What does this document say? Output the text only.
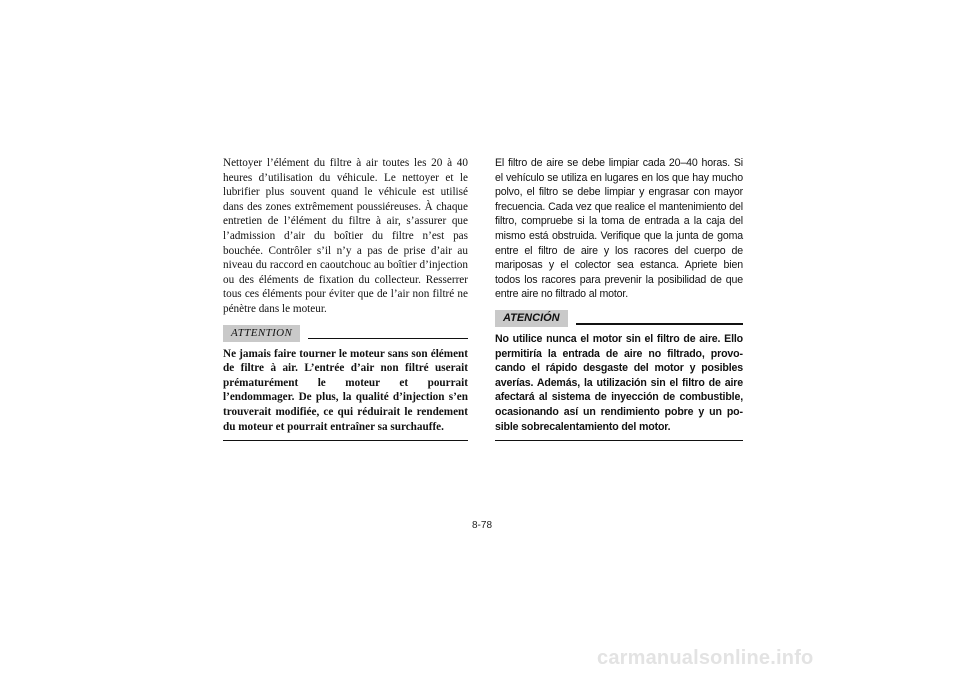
Nettoyer l’élément du filtre à air toutes les 20 à 40 heures d’utilisation du véhicule. Le nettoyer et le lubrifier plus souvent quand le véhicule est utilisé dans des zones extrêmement poussiéreuses. À chaque entretien de l’élément du filtre à air, s’assurer que l’admission d’air du boîtier du filtre n’est pas bouchée. Contrôler s’il n’y a pas de prise d’air au niveau du raccord en caoutchouc au boîtier d’injection ou des éléments de fixation du collecteur. Resserrer tous ces éléments pour éviter que de l’air non filtré ne pénètre dans le moteur.

ATTENTION

Ne jamais faire tourner le moteur sans son élément de filtre à air. L’entrée d’air non filtré userait prématurément le moteur et pourrait l’endommager. De plus, la qualité d’injection s’en trouverait modifiée, ce qui réduirait le rendement du moteur et pourrait entraîner sa surchauffe.

El filtro de aire se debe limpiar cada 20–40 horas. Si el vehículo se utiliza en lugares en los que hay mucho polvo, el filtro se debe limpiar y engrasar con mayor frecuencia. Cada vez que realice el mantenimiento del filtro, compruebe si la toma de entrada a la caja del mismo está obstruida. Verifique que la junta de goma entre el filtro de aire y los racores del cuerpo de mariposas y el colector sea estanca. Apriete bien todos los racores para prevenir la posibilidad de que entre aire no filtrado al motor.

ATENCIÓN

No utilice nunca el motor sin el filtro de aire. Ello permitiría la entrada de aire no filtrado, provocando el rápido desgaste del motor y posibles averías. Además, la utilización sin el filtro de aire afectará al sistema de inyección de combustible, ocasionando así un rendimiento pobre y un posible sobrecalentamiento del motor.

8-78
carmanualsonline.info
